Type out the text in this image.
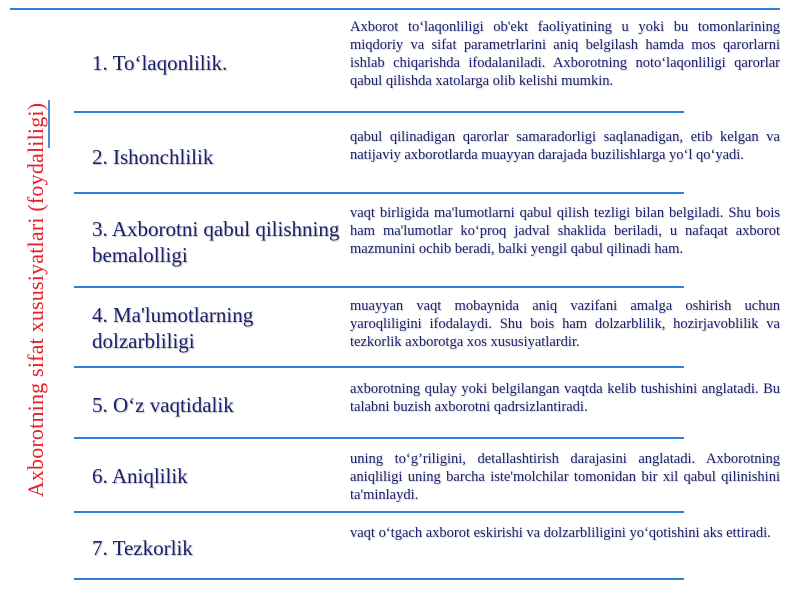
Axborotning sifat xususiyatlari (foydaliligi)
1. To‘laqonlilik.
Axborot to‘laqonliligi ob'ekt faoliyatining u yoki bu tomonlarining miqdoriy va sifat parametrlarini aniq belgilash hamda mos qarorlarni ishlab chiqarishda ifodalaniladi. Axborotning noto‘laqonliligi qarorlar qabul qilishda xatolarga olib kelishi mumkin.
2. Ishonchlilik
qabul qilinadigan qarorlar samaradorligi saqlanadigan, etib kelgan va natijaviy axborotlarda muayyan darajada buzilishlarga yo‘l qo‘yadi.
3. Axborotni qabul qilishning bemalolligi
vaqt birligida ma'lumotlarni qabul qilish tezligi bilan belgiladi. Shu bois ham ma'lumotlar ko‘proq jadval shaklida beriladi, u nafaqat axborot mazmunini ochib beradi, balki yengil qabul qilinadi ham.
4. Ma'lumotlarning dolzarbliligi
muayyan vaqt mobaynida aniq vazifani amalga oshirish uchun yaroqliligini ifodalaydi. Shu bois ham dolzarblilik, hozirjavoblilik va tezkorlik axborotga xos xususiyatlardir.
5. O‘z vaqtidalik
axborotning qulay yoki belgilangan vaqtda kelib tushishini anglatadi. Bu talabni buzish axborotni qadrsizlantiradi.
6. Aniqlilik
uning to‘g’riligini, detallashtirish darajasini anglatadi. Axborotning aniqliligi uning barcha iste'molchilar tomonidan bir xil qabul qilinishini ta'minlaydi.
7. Tezkorlik
vaqt o‘tgach axborot eskirishi va dolzarbliligini yo‘qotishini aks ettiradi.
